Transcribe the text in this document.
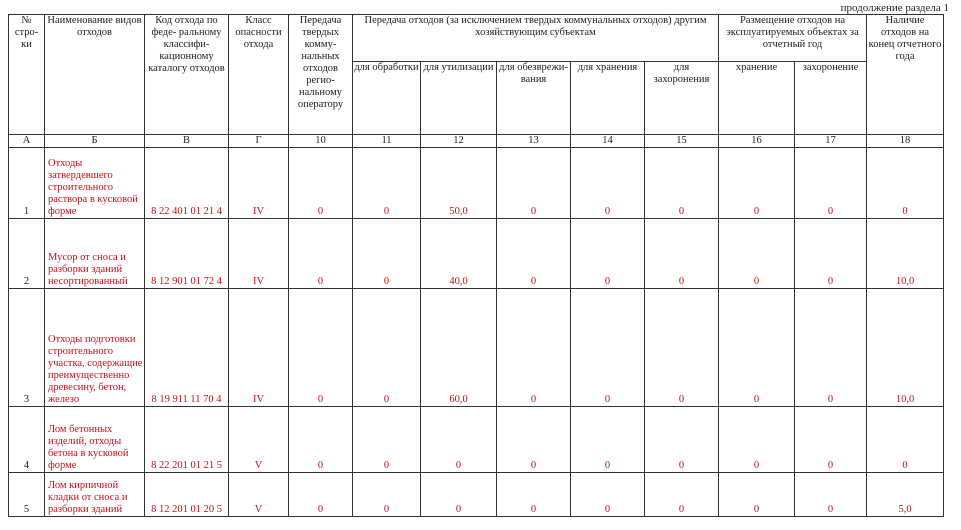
продолжение раздела 1
№ стро- ки	Наименование видов отходов	Код отхода по феде- ральному классифи- кационному каталогу отходов	Класс опасности отхода	Передача твердых комму- нальных отходов регио- нальному оператору	Передача отходов (за исключением твердых коммунальных отходов) другим хозяйствующим субъектам					Размещение отходов на эксплуатируемых объектах за отчетный год		Наличие отходов на конец отчетного года
					для обработки	для утилизации	для обезврежи- вания	для хранения	для захоронения	хранение	захоронение	
А	Б	В	Г	10	11	12	13	14	15	16	17	18
1	Отходы затвердевшего строительного раствора в кусковой форме	8 22 401 01 21 4	IV	0	0	50,0	0	0	0	0	0	0
2	Мусор от сноса и разборки зданий несортированный	8 12 901 01 72 4	IV	0	0	40,0	0	0	0	0	0	10,0
3	Отходы подготовки строительного участка, содержащие преимущественно древесину, бетон, железо	8 19 911 11 70 4	IV	0	0	60,0	0	0	0	0	0	10,0
4	Лом бетонных изделий, отходы бетона в кусковой форме	8 22 201 01 21 5	V	0	0	0	0	0	0	0	0	0
5	Лом кирпичной кладки от сноса и разборки зданий	8 12 201 01 20 5	V	0	0	0	0	0	0	0	0	5,0
